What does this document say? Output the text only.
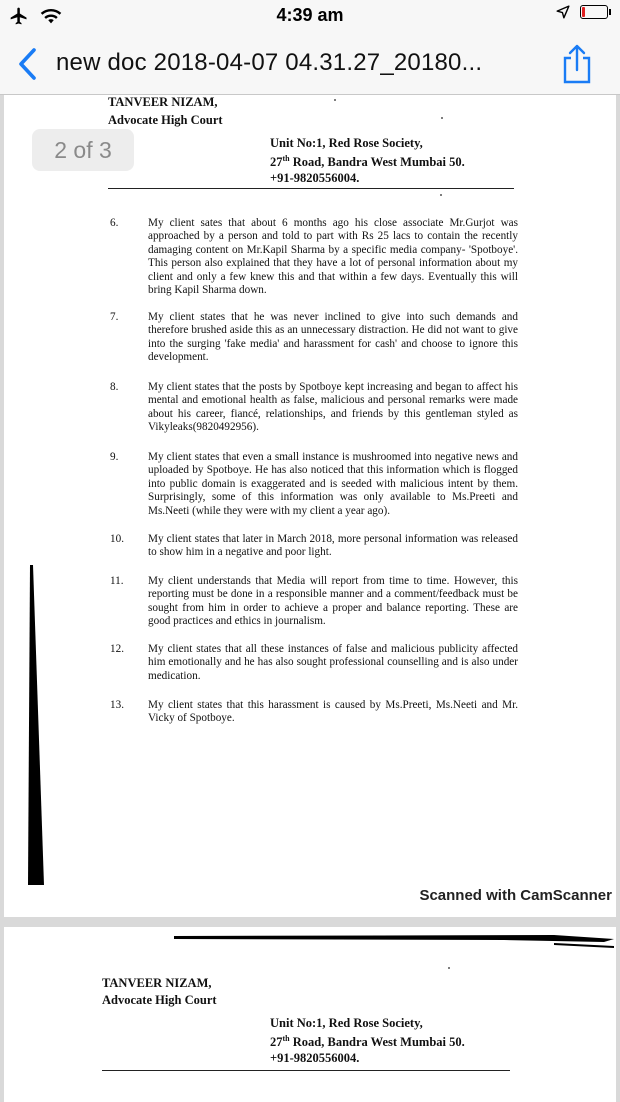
4:39 am
new doc 2018-04-07 04.31.27_20180...
TANVEER NIZAM,
Advocate High Court
Unit No:1, Red Rose Society,
27th Road, Bandra West Mumbai 50.
+91-9820556004.
6.	My client sates that about 6 months ago his close associate Mr.Gurjot was approached by a person and told to part with Rs 25 lacs to contain the recently damaging content on Mr.Kapil Sharma by a specific media company- 'Spotboye'. This person also explained that they have a lot of personal information about my client and only a few knew this and that within a few days. Eventually this will bring Kapil Sharma down.
7.	My client states that he was never inclined to give into such demands and therefore brushed aside this as an unnecessary distraction. He did not want to give into the surging 'fake media' and harassment for cash' and choose to ignore this development.
8.	My client states that the posts by Spotboye kept increasing and began to affect his mental and emotional health as false, malicious and personal remarks were made about his career, fiancé, relationships, and friends by this gentleman styled as Vikyleaks(9820492956).
9.	My client states that even a small instance is mushroomed into negative news and uploaded by Spotboye. He has also noticed that this information which is flogged into public domain is exaggerated and is seeded with malicious intent by them. Surprisingly, some of this information was only available to Ms.Preeti and Ms.Neeti (while they were with my client a year ago).
10.	My client states that later in March 2018, more personal information was released to show him in a negative and poor light.
11.	My client understands that Media will report from time to time. However, this reporting must be done in a responsible manner and a comment/feedback must be sought from him in order to achieve a proper and balance reporting. These are good practices and ethics in journalism.
12.	My client states that all these instances of false and malicious publicity affected him emotionally and he has also sought professional counselling and is also under medication.
13.	My client states that this harassment is caused by Ms.Preeti, Ms.Neeti and Mr. Vicky of Spotboye.
Scanned with CamScanner
2 of 3
TANVEER NIZAM,
Advocate High Court
Unit No:1, Red Rose Society,
27th Road, Bandra West Mumbai 50.
+91-9820556004.
